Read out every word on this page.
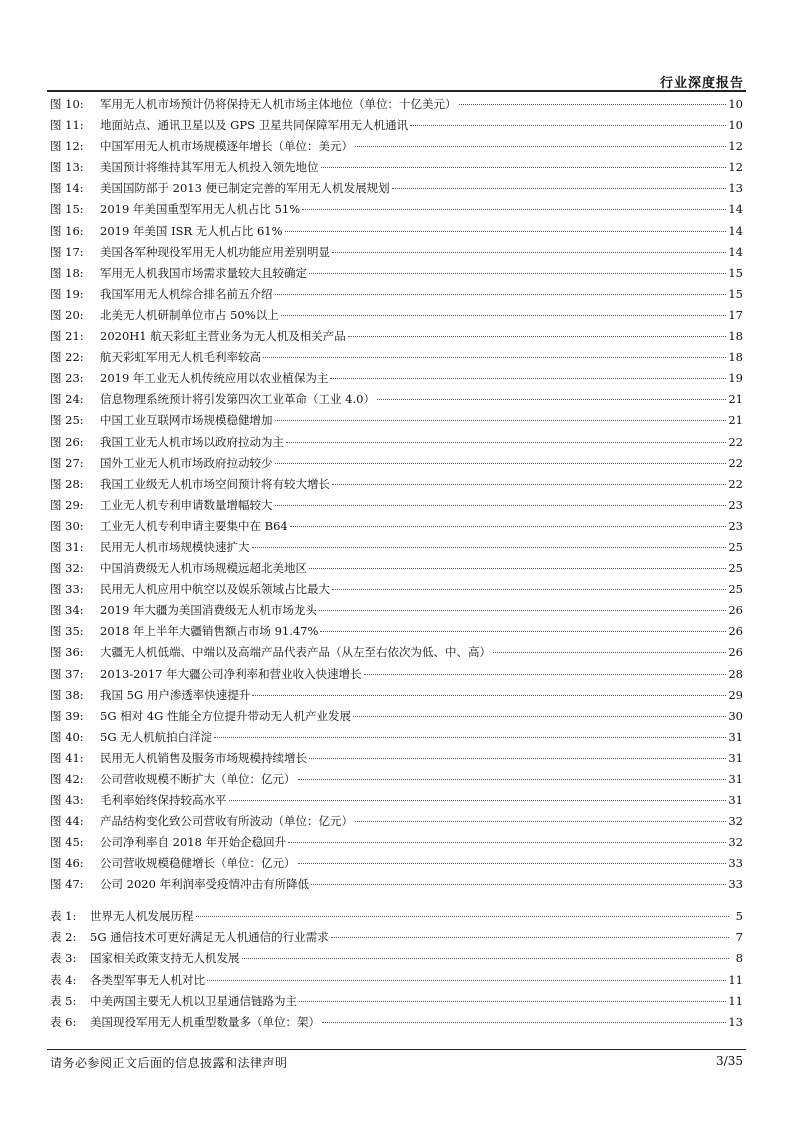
行业深度报告
图 10:	军用无人机市场预计仍将保持无人机市场主体地位（单位：十亿美元）	10
图 11:	地面站点、通讯卫星以及 GPS 卫星共同保障军用无人机通讯	10
图 12:	中国军用无人机市场规模逐年增长（单位：美元）	12
图 13:	美国预计将维持其军用无人机投入领先地位	12
图 14:	美国国防部于 2013 便已制定完善的军用无人机发展规划	13
图 15:	2019 年美国重型军用无人机占比 51%	14
图 16:	2019 年美国 ISR 无人机占比 61%	14
图 17:	美国各军种现役军用无人机功能应用差别明显	14
图 18:	军用无人机我国市场需求量较大且较确定	15
图 19:	我国军用无人机综合排名前五介绍	15
图 20:	北美无人机研制单位市占 50%以上	17
图 21:	2020H1 航天彩虹主营业务为无人机及相关产品	18
图 22:	航天彩虹军用无人机毛利率较高	18
图 23:	2019 年工业无人机传统应用以农业植保为主	19
图 24:	信息物理系统预计将引发第四次工业革命（工业 4.0）	21
图 25:	中国工业互联网市场规模稳健增加	21
图 26:	我国工业无人机市场以政府拉动为主	22
图 27:	国外工业无人机市场政府拉动较少	22
图 28:	我国工业级无人机市场空间预计将有较大增长	22
图 29:	工业无人机专利申请数量增幅较大	23
图 30:	工业无人机专利申请主要集中在 B64	23
图 31:	民用无人机市场规模快速扩大	25
图 32:	中国消费级无人机市场规模远超北美地区	25
图 33:	民用无人机应用中航空以及娱乐领域占比最大	25
图 34:	2019 年大疆为美国消费级无人机市场龙头	26
图 35:	2018 年上半年大疆销售额占市场 91.47%	26
图 36:	大疆无人机低端、中端以及高端产品代表产品（从左至右依次为低、中、高）	26
图 37:	2013-2017 年大疆公司净利率和营业收入快速增长	28
图 38:	我国 5G 用户渗透率快速提升	29
图 39:	5G 相对 4G 性能全方位提升带动无人机产业发展	30
图 40:	5G 无人机航拍白洋淀	31
图 41:	民用无人机销售及服务市场规模持续增长	31
图 42:	公司营收规模不断扩大（单位：亿元）	31
图 43:	毛利率始终保持较高水平	31
图 44:	产品结构变化致公司营收有所波动（单位：亿元）	32
图 45:	公司净利率自 2018 年开始企稳回升	32
图 46:	公司营收规模稳健增长（单位：亿元）	33
图 47:	公司 2020 年利润率受疫情冲击有所降低	33
表 1:	世界无人机发展历程	5
表 2:	5G 通信技术可更好满足无人机通信的行业需求	7
表 3:	国家相关政策支持无人机发展	8
表 4:	各类型军事无人机对比	11
表 5:	中美两国主要无人机以卫星通信链路为主	11
表 6:	美国现役军用无人机重型数量多（单位：架）	13
请务必参阅正文后面的信息披露和法律声明	3/35
